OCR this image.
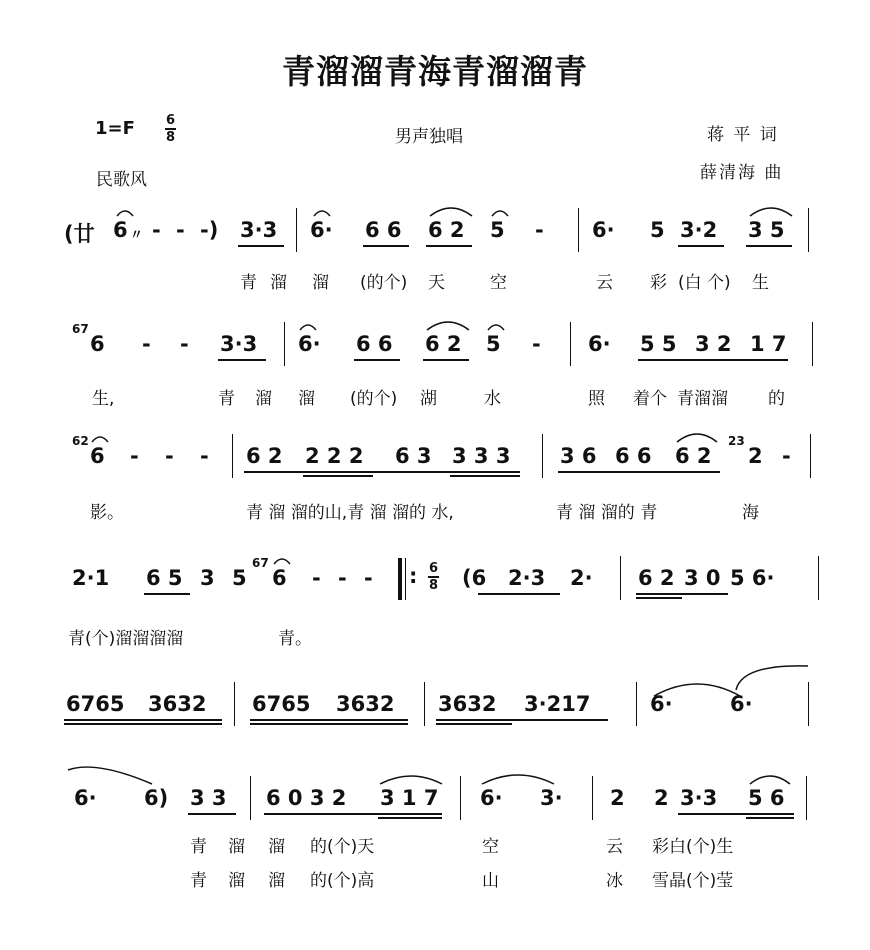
青溜溜青海青溜溜青
1=F 6
8
民歌风
男声独唱	蒋 平 词
薛清海 曲
(廿 6 〃 - - -) 3·3 6· 6 6 6 2 5 - 6· 5 3·2 3 5
青 溜 溜 (的个) 天	空	云 彩 (白 个) 生
67
6 - - 3·3 6· 6 6 6 2 5 - 6· 5 5 3 2 1 7
生,	青 溜 溜 (的个) 湖	水	照 着个 青溜溜 的
62
6 - - - 6 2 2 2 2 6 3 3 3 3 3 6 6 6 6 2
23
2 -
影。	青 溜 溜的山,青 溜 溜的 水,	青 溜 溜的 青	海
2·1 6 5 3 5
67
6 - - - : 6
8 (6 2·3 2· 6 2 3 0 5 6·
青(个)溜溜溜溜	青。
6765 3632 6765 3632 3632 3·217	6·	6·
6· 6) 3 3 6 0 3 2 3 1 7 6· 3· 2 2 3·3 5 6
青 溜 溜 的(个)天	空	云 彩白(个)生
青 溜 溜 的(个)高	山	冰 雪晶(个)莹
